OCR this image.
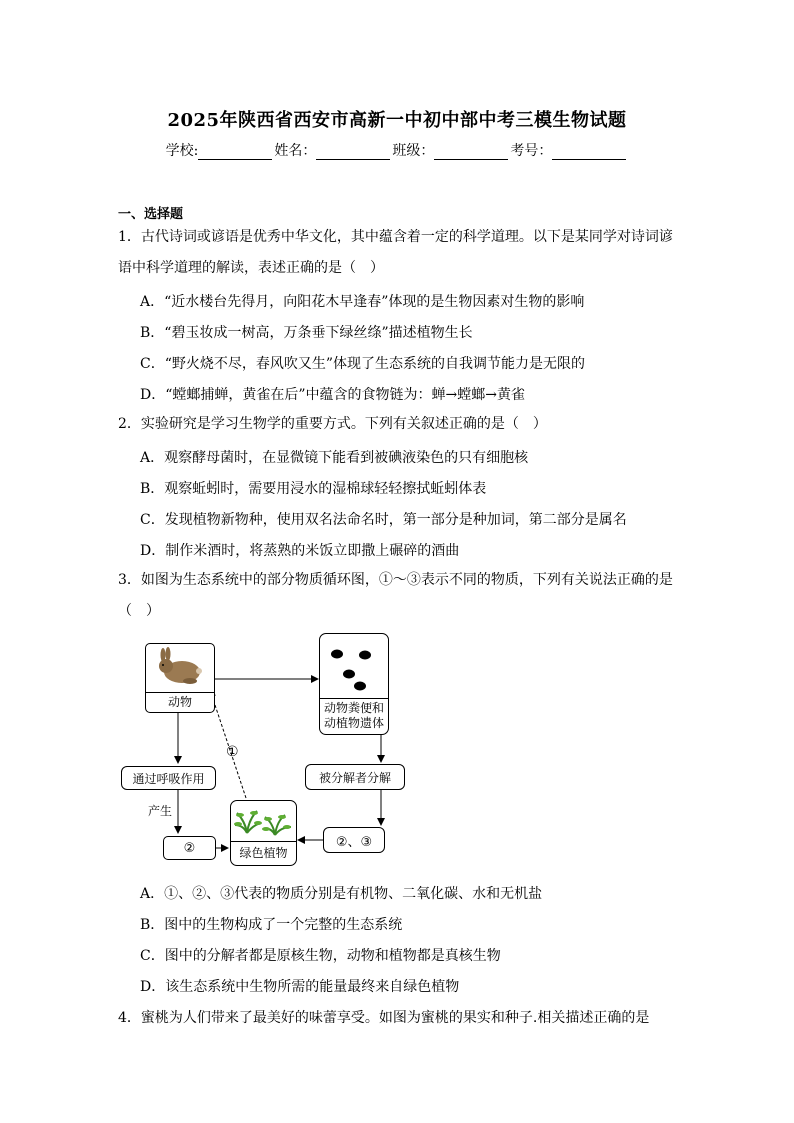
2025年陕西省西安市高新一中初中部中考三模生物试题
学校:	姓名：	班级：	考号：
一、选择题
1．古代诗词或谚语是优秀中华文化，其中蕴含着一定的科学道理。以下是某同学对诗词谚
语中科学道理的解读，表述正确的是（　）
A．“近水楼台先得月，向阳花木早逢春”体现的是生物因素对生物的影响
B．“碧玉妆成一树高，万条垂下绿丝绦”描述植物生长
C．“野火烧不尽，春风吹又生”体现了生态系统的自我调节能力是无限的
D．“螳螂捕蝉，黄雀在后”中蕴含的食物链为：蝉→螳螂→黄雀
2．实验研究是学习生物学的重要方式。下列有关叙述正确的是（　）
A．观察酵母菌时，在显微镜下能看到被碘液染色的只有细胞核
B．观察蚯蚓时，需要用浸水的湿棉球轻轻擦拭蚯蚓体表
C．发现植物新物种，使用双名法命名时，第一部分是种加词，第二部分是属名
D．制作米酒时，将蒸熟的米饭立即撒上碾碎的酒曲
3．如图为生态系统中的部分物质循环图，①～③表示不同的物质，下列有关说法正确的是
（　）
动物	动物粪便和
动植物遗体
通过呼吸作用
产生
②
①
绿色植物
被分解者分解
②、③
A．①、②、③代表的物质分别是有机物、二氧化碳、水和无机盐
B．图中的生物构成了一个完整的生态系统
C．图中的分解者都是原核生物，动物和植物都是真核生物
D．该生态系统中生物所需的能量最终来自绿色植物
4．蜜桃为人们带来了最美好的味蕾享受。如图为蜜桃的果实和种子.相关描述正确的是
